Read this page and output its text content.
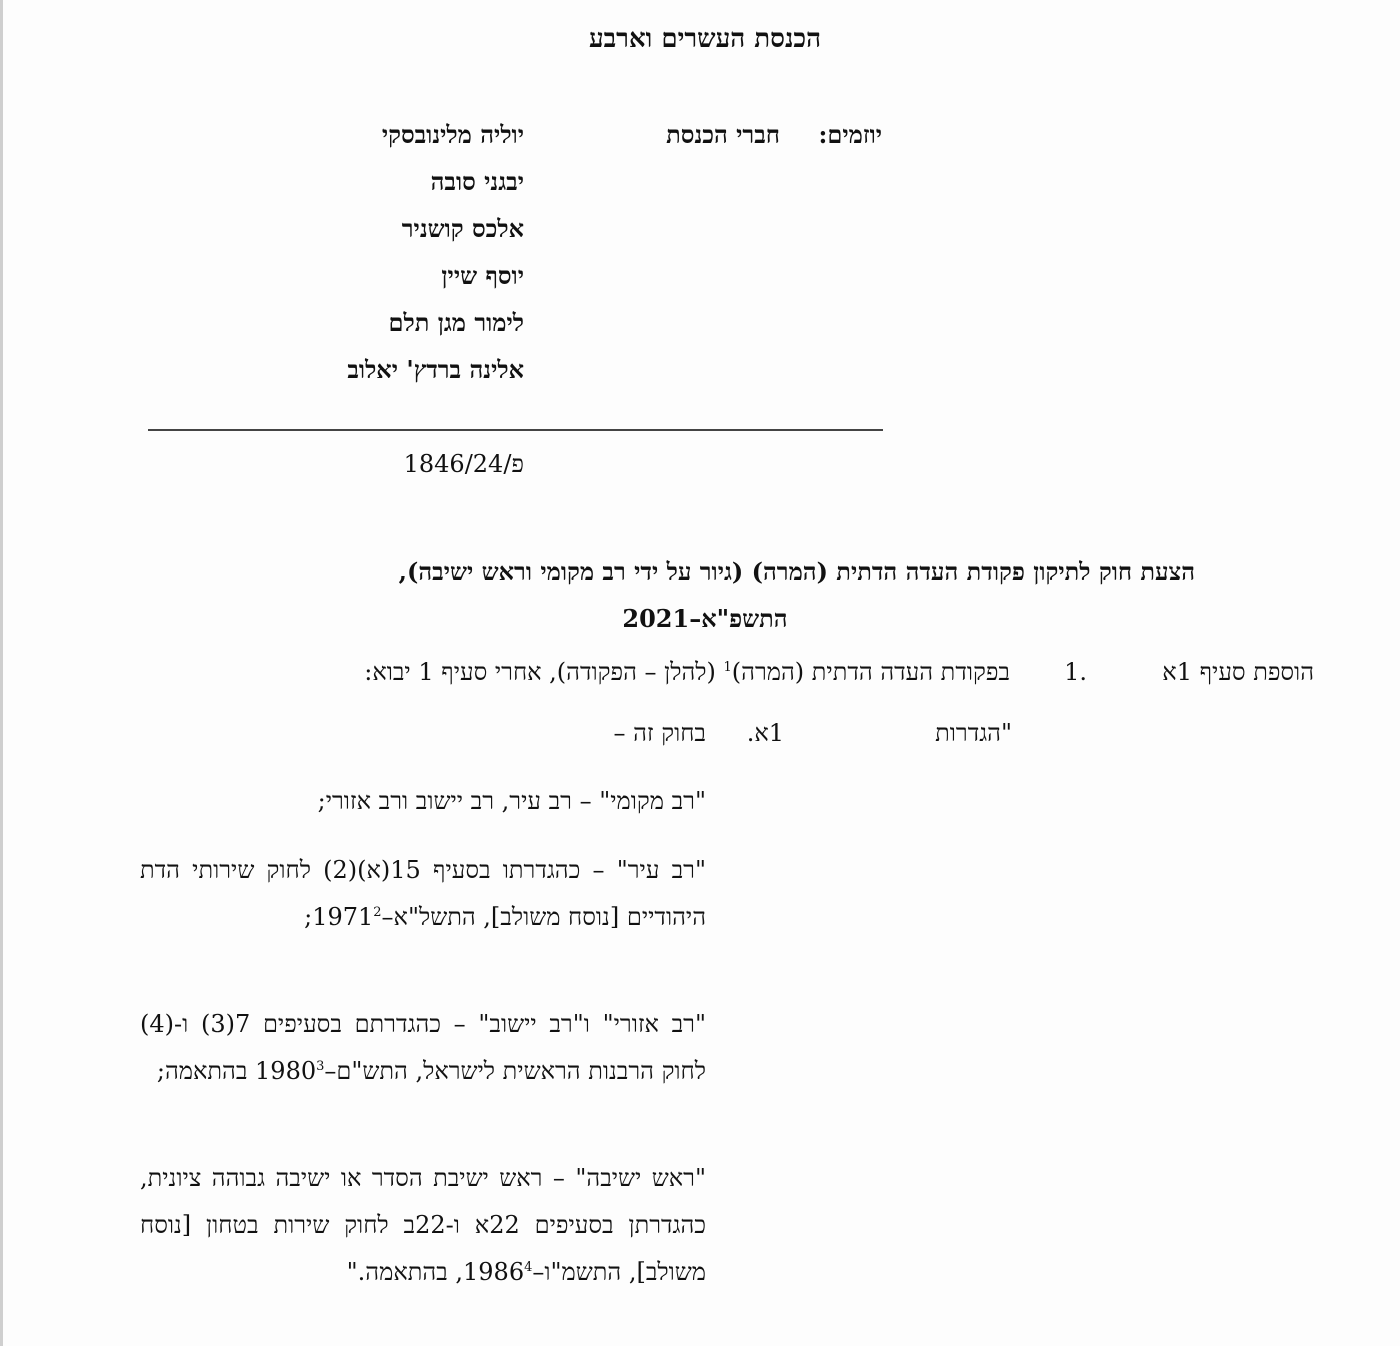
הכנסת העשרים וארבע
יוזמים:
חברי הכנסת
יוליה מלינובסקי
יבגני סובה
אלכס קושניר
יוסף שיין
לימור מגן תלם
אלינה ברדץ' יאלוב
פ/1846/24
הצעת חוק לתיקון פקודת העדה הדתית (המרה) (גיור על ידי רב מקומי וראש ישיבה),
התשפ"א–2021
הוספת סעיף 1א
1.
בפקודת העדה הדתית (המרה)$^1$ (להלן – הפקודה), אחרי סעיף 1 יבוא:
"הגדרות
1א.
בחוק זה –
"רב מקומי" – רב עיר, רב יישוב ורב אזורי;
"רב עיר" – כהגדרתו בסעיף 15(א)(2) לחוק שירותי הדת היהודיים [נוסח משולב], התשל"א–1971$^2$;
"רב אזורי" ו"רב יישוב" – כהגדרתם בסעיפים 7(3) ו-(4) לחוק הרבנות הראשית לישראל, התש"ם–1980$^3$ בהתאמה;
"ראש ישיבה" – ראש ישיבת הסדר או ישיבה גבוהה ציונית, כהגדרתן בסעיפים 22א ו-22ב לחוק שירות בטחון [נוסח משולב], התשמ"ו–1986$^4$, בהתאמה."
